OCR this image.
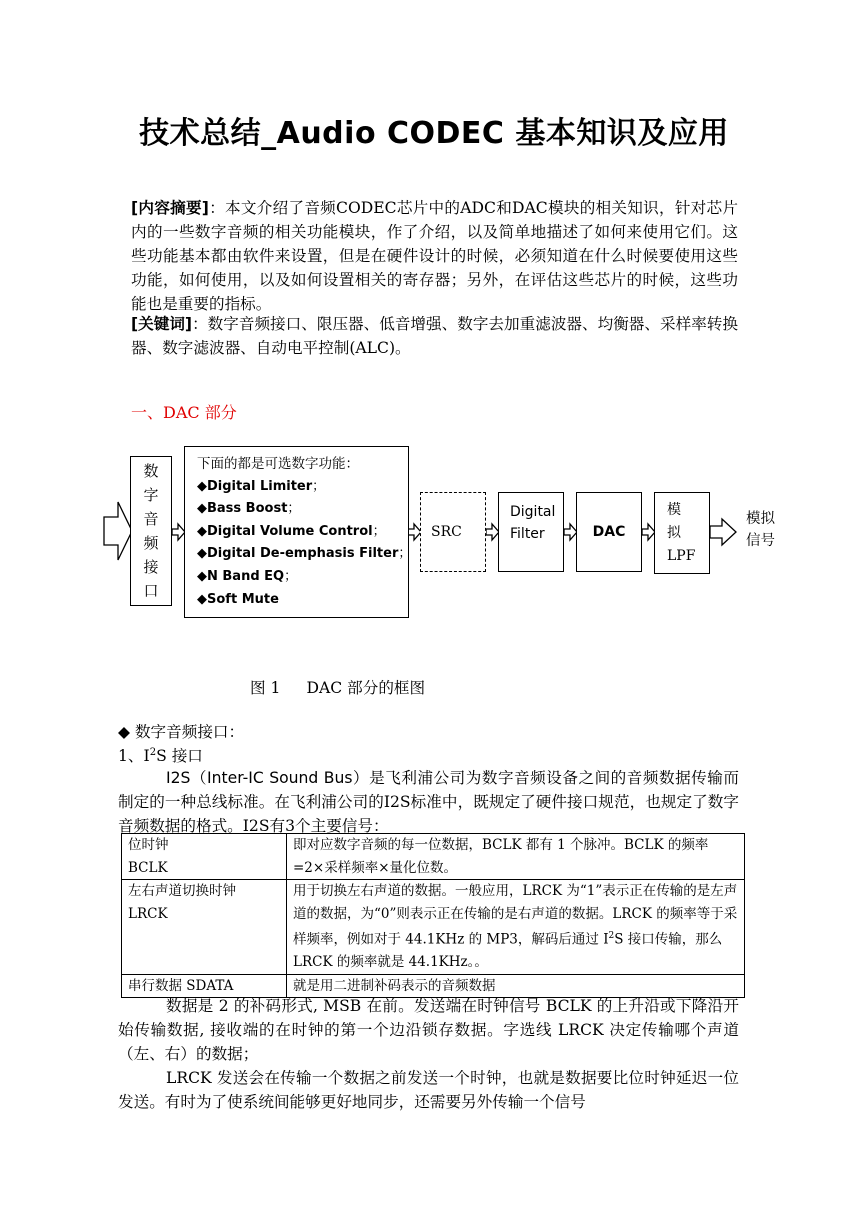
技术总结_Audio CODEC 基本知识及应用
[内容摘要]：本文介绍了音频CODEC芯片中的ADC和DAC模块的相关知识，针对芯片内的一些数字音频的相关功能模块，作了介绍，以及简单地描述了如何来使用它们。这些功能基本都由软件来设置，但是在硬件设计的时候，必须知道在什么时候要使用这些功能，如何使用，以及如何设置相关的寄存器；另外，在评估这些芯片的时候，这些功能也是重要的指标。
[关键词]：数字音频接口、限压器、低音增强、数字去加重滤波器、均衡器、采样率转换器、数字滤波器、自动电平控制(ALC)。
一、DAC 部分
数
字
音
频
接
口
下面的都是可选数字功能：
◆Digital Limiter；
◆Bass Boost；
◆Digital Volume Control；
◆Digital De-emphasis Filter；
◆N Band EQ；
◆Soft Mute
SRC
Digital
Filter	DAC
模
拟
LPF
模拟
信号
图 1 DAC 部分的框图
◆ 数字音频接口：
1、$I^2S$ 接口
I2S（Inter-IC Sound Bus）是飞利浦公司为数字音频设备之间的音频数据传输而制定的一种总线标准。在飞利浦公司的I2S标准中，既规定了硬件接口规范，也规定了数字音频数据的格式。I2S有3个主要信号：
位时钟
BCLK	即对应数字音频的每一位数据，BCLK 都有 1 个脉冲。BCLK 的频率=2×采样频率×量化位数。
左右声道切换时钟
LRCK	用于切换左右声道的数据。一般应用，LRCK 为“1”表示正在传输的是左声道的数据，为“0”则表示正在传输的是右声道的数据。LRCK 的频率等于采样频率，例如对于 44.1KHz 的 MP3，解码后通过 $I^2S$ 接口传输，那么 LRCK 的频率就是 44.1KHz。。
串行数据 SDATA	就是用二进制补码表示的音频数据
数据是 2 的补码形式, MSB 在前。发送端在时钟信号 BCLK 的上升沿或下降沿开始传输数据, 接收端的在时钟的第一个边沿锁存数据。字选线 LRCK 决定传输哪个声道（左、右）的数据；
LRCK 发送会在传输一个数据之前发送一个时钟，也就是数据要比位时钟延迟一位发送。有时为了使系统间能够更好地同步，还需要另外传输一个信号
